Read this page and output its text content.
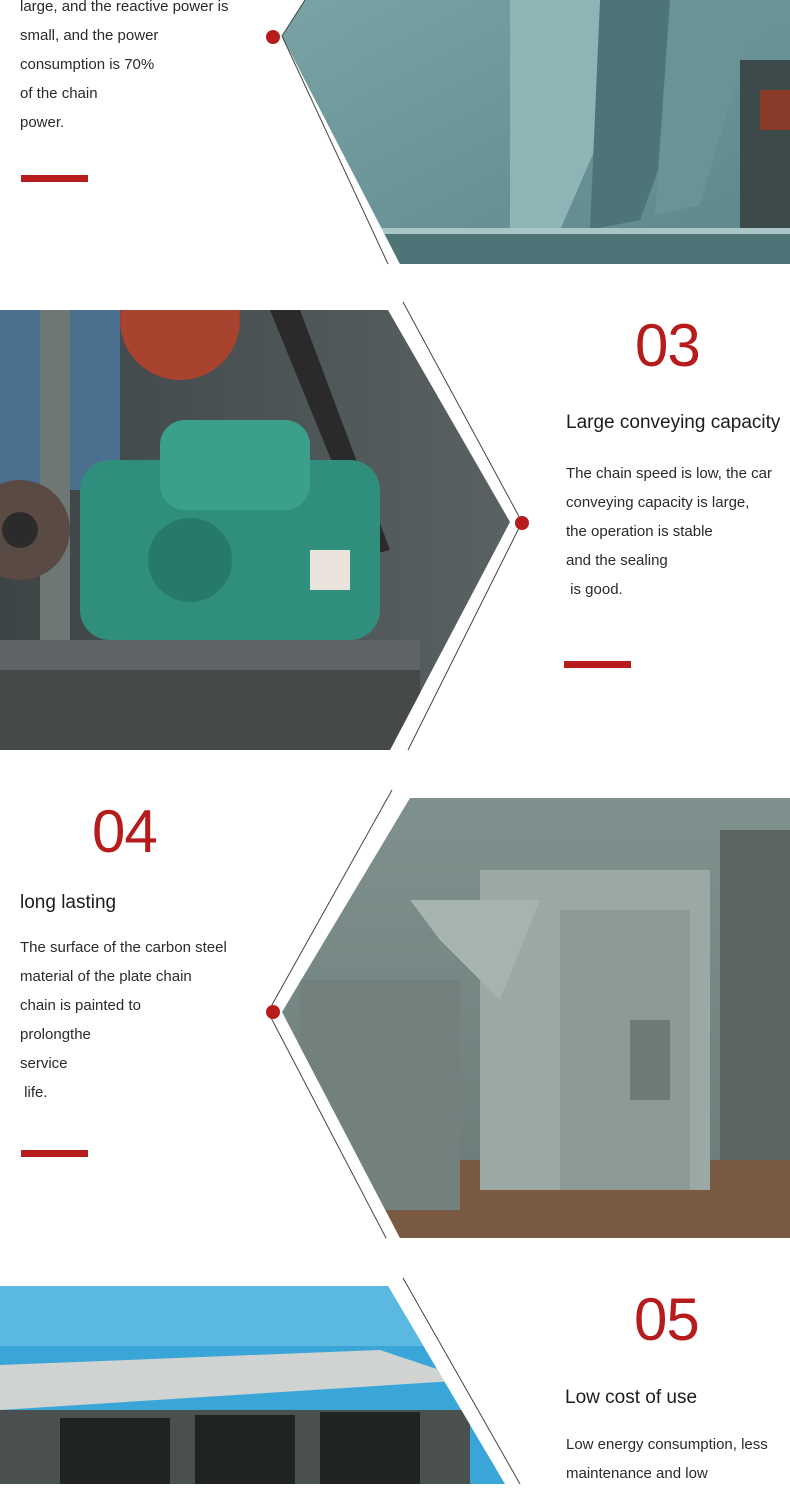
large, and the reactive power is
small, and the power
consumption is 70%
of the chain
power.
03
Large conveying capacity
The chain speed is low, the car
conveying capacity is large,
the operation is stable
and the sealing
is good.
04
long lasting
The surface of the carbon steel
material of the plate chain
chain is painted to
prolongthe
service
life.
05
Low cost of use
Low energy consumption, less
maintenance and low
